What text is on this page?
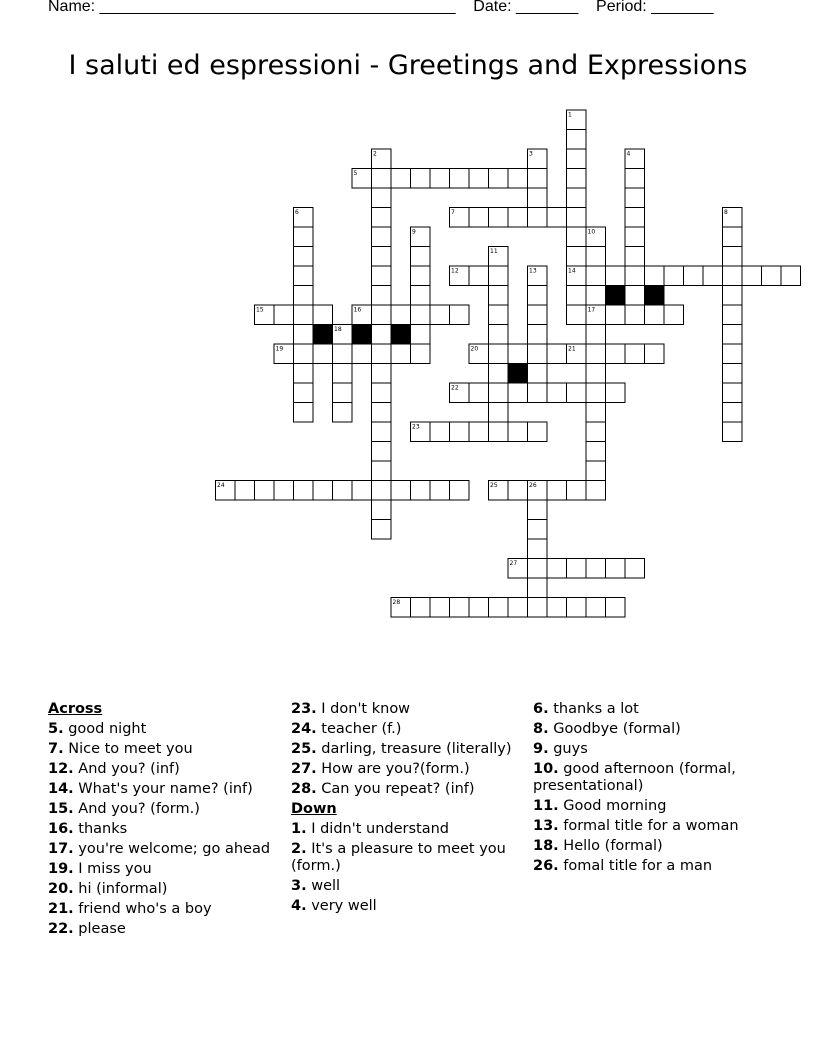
Name: ________________________________________    Date: _______    Period: _______
I saluti ed espressioni - Greetings and Expressions
1
2	3	4
5
6	7	8
9	10
11
12	13	14
15	16	17
18
19	20	21
22
23
24	25	26
27
28
Across
5. good night
7. Nice to meet you
12. And you? (inf)
14. What's your name? (inf)
15. And you? (form.)
16. thanks
17. you're welcome; go ahead
19. I miss you
20. hi (informal)
21. friend who's a boy
22. please
23. I don't know
24. teacher (f.)
25. darling, treasure (literally)
27. How are you?(form.)
28. Can you repeat? (inf)
Down
1. I didn't understand
2. It's a pleasure to meet you (form.)
3. well
4. very well
6. thanks a lot
8. Goodbye (formal)
9. guys
10. good afternoon (formal, presentational)
11. Good morning
13. formal title for a woman
18. Hello (formal)
26. fomal title for a man
